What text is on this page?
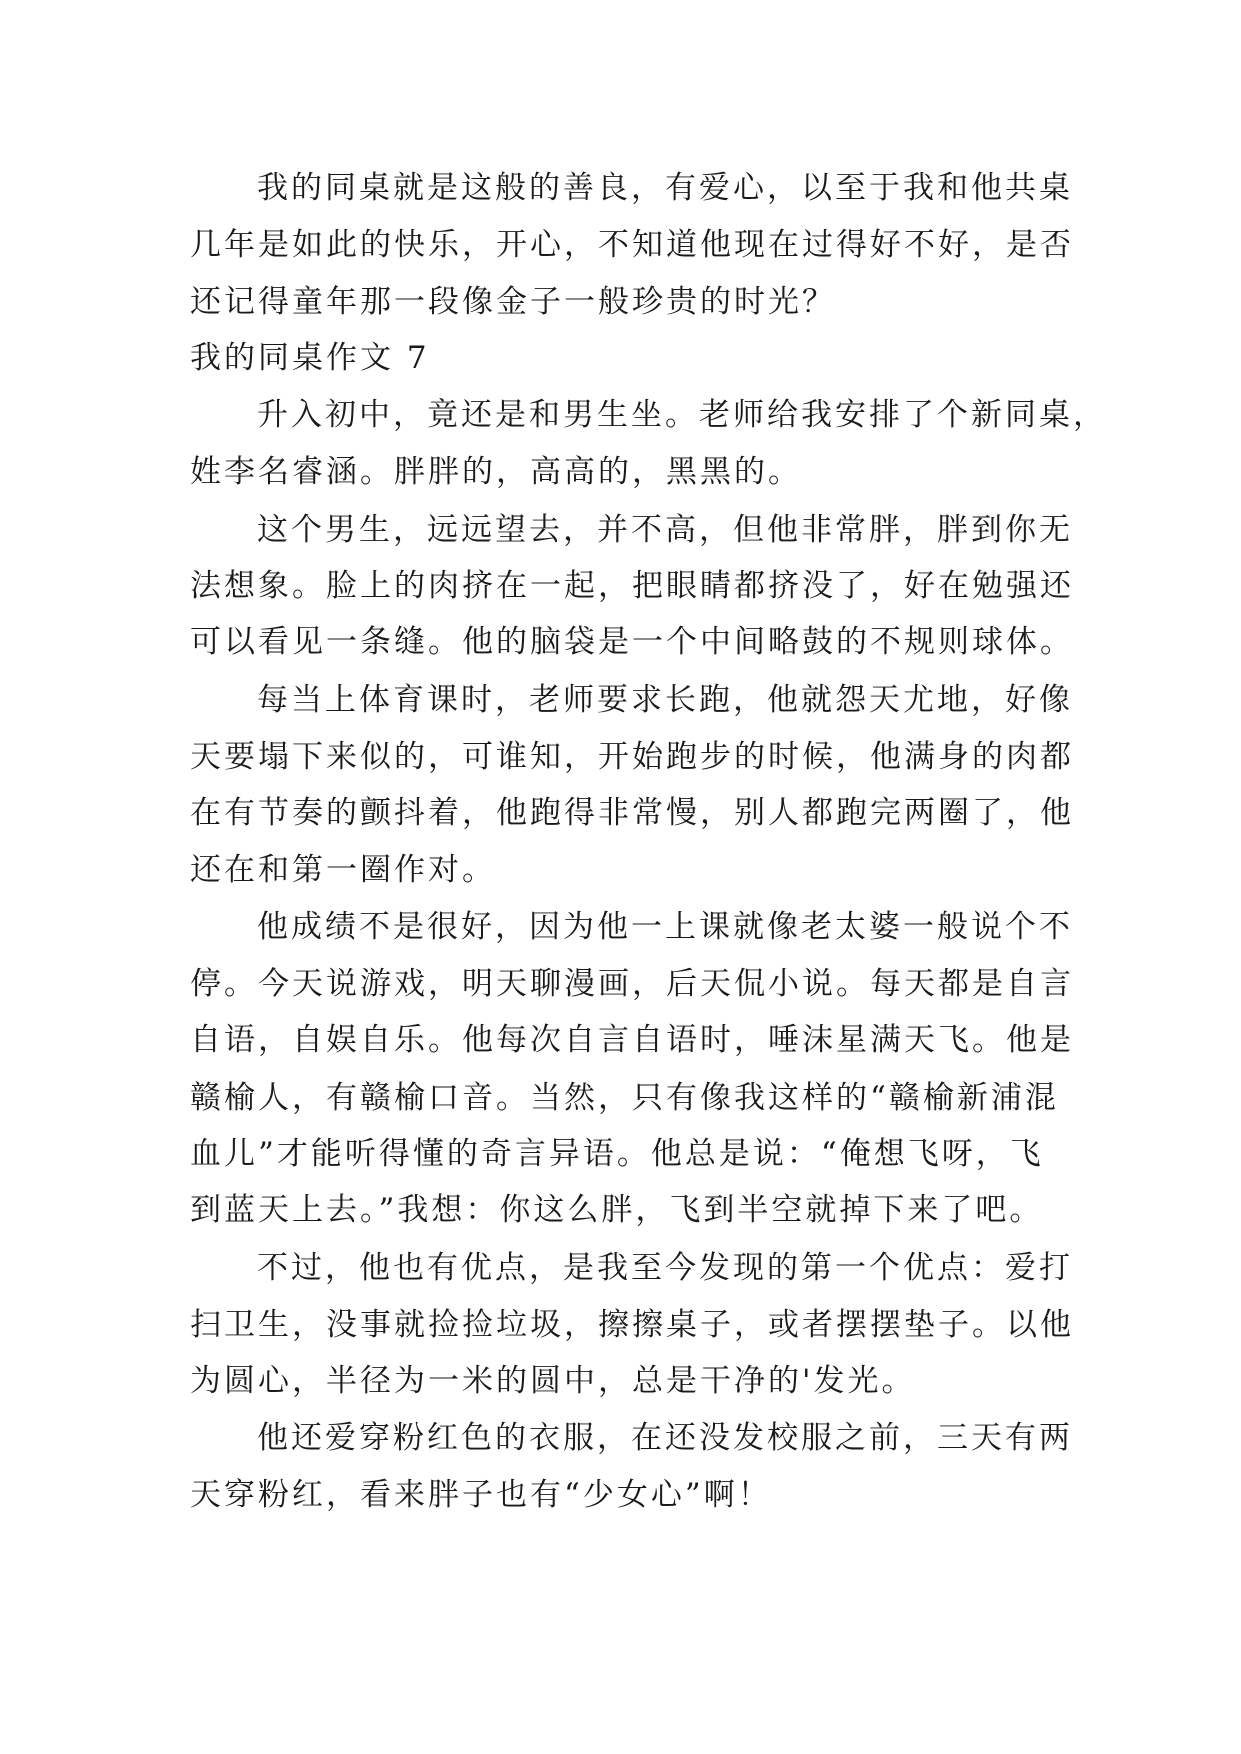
我的同桌就是这般的善良，有爱心，以至于我和他共桌
几年是如此的快乐，开心，不知道他现在过得好不好，是否
还记得童年那一段像金子一般珍贵的时光？
我的同桌作文 7
升入初中，竟还是和男生坐。老师给我安排了个新同桌，
姓李名睿涵。胖胖的，高高的，黑黑的。
这个男生，远远望去，并不高，但他非常胖，胖到你无
法想象。脸上的肉挤在一起，把眼睛都挤没了，好在勉强还
可以看见一条缝。他的脑袋是一个中间略鼓的不规则球体。
每当上体育课时，老师要求长跑，他就怨天尤地，好像
天要塌下来似的，可谁知，开始跑步的时候，他满身的肉都
在有节奏的颤抖着，他跑得非常慢，别人都跑完两圈了，他
还在和第一圈作对。
他成绩不是很好，因为他一上课就像老太婆一般说个不
停。今天说游戏，明天聊漫画，后天侃小说。每天都是自言
自语，自娱自乐。他每次自言自语时，唾沫星满天飞。他是
赣榆人，有赣榆口音。当然，只有像我这样的“赣榆新浦混
血儿”才能听得懂的奇言异语。他总是说：“俺想飞呀，飞
到蓝天上去。”我想：你这么胖，飞到半空就掉下来了吧。
不过，他也有优点，是我至今发现的第一个优点：爱打
扫卫生，没事就捡捡垃圾，擦擦桌子，或者摆摆垫子。以他
为圆心，半径为一米的圆中，总是干净的'发光。
他还爱穿粉红色的衣服，在还没发校服之前，三天有两
天穿粉红，看来胖子也有“少女心”啊！
